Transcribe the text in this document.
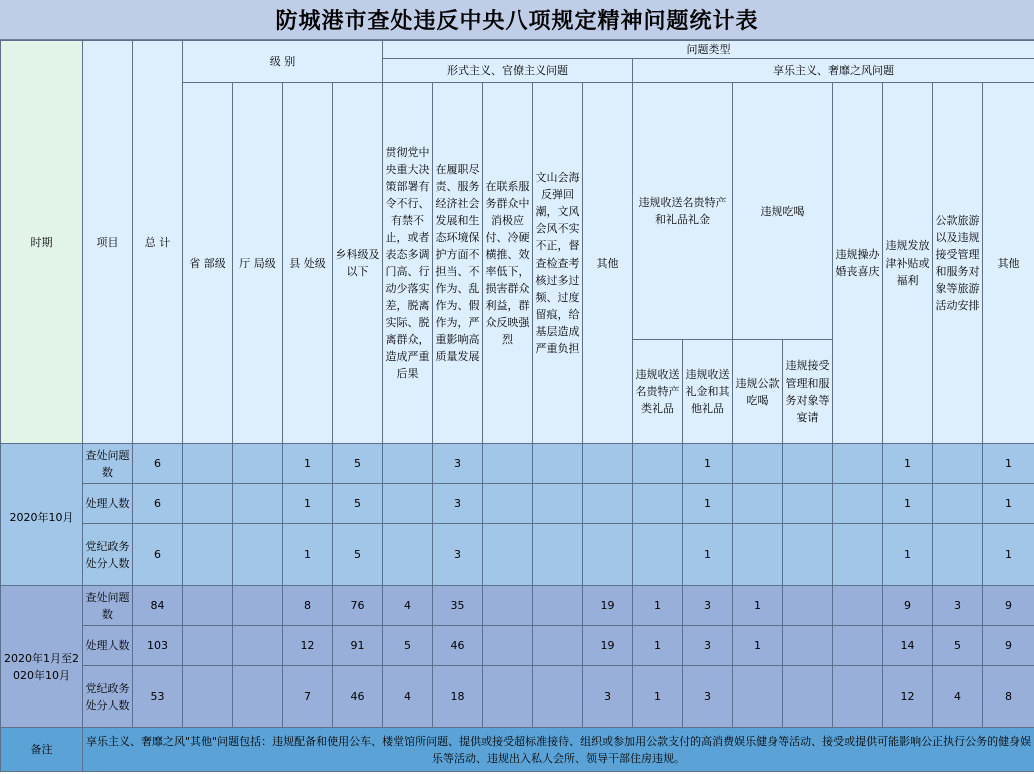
防城港市查处违反中央八项规定精神问题统计表
时期	项目	总 计	级 别				问题类型												
							形式主义、官僚主义问题					享乐主义、奢靡之风问题							
			省 部级	厅 局级	县 处级	乡科级及以下	贯彻党中央重大决策部署有令不行、有禁不止，或者表态多调门高、行动少落实差，脱离实际、脱离群众，造成严重后果	在履职尽责、服务经济社会发展和生态环境保护方面不担当、不作为、乱作为、假作为，严重影响高质量发展	在联系服务群众中消极应付、冷硬横推、效率低下，损害群众利益，群众反映强烈	文山会海反弹回潮，文风会风不实不正，督查检查考核过多过频、过度留痕，给基层造成严重负担	其他	违规收送名贵特产和礼品礼金		违规吃喝		违规操办婚丧喜庆	违规发放津补贴或福利	公款旅游以及违规接受管理和服务对象等旅游活动安排	其他
												违规收送名贵特产类礼品	违规收送礼金和其他礼品	违规公款吃喝	违规接受管理和服务对象等宴请				
2020年10月	查处问题数	6			1	5		3					1				1		1
	处理人数	6			1	5		3					1				1		1
	党纪政务处分人数	6			1	5		3					1				1		1
2020年1月至2020年10月	查处问题数	84			8	76	4	35			19	1	3	1			9	3	9
	处理人数	103			12	91	5	46			19	1	3	1			14	5	9
	党纪政务处分人数	53			7	46	4	18			3	1	3				12	4	8
备注	享乐主义、奢靡之风"其他"问题包括：违规配备和使用公车、楼堂馆所问题、提供或接受超标准接待、组织或参加用公款支付的高消费娱乐健身等活动、接受或提供可能影响公正执行公务的健身娱乐等活动、违规出入私人会所、领导干部住房违规。																		
